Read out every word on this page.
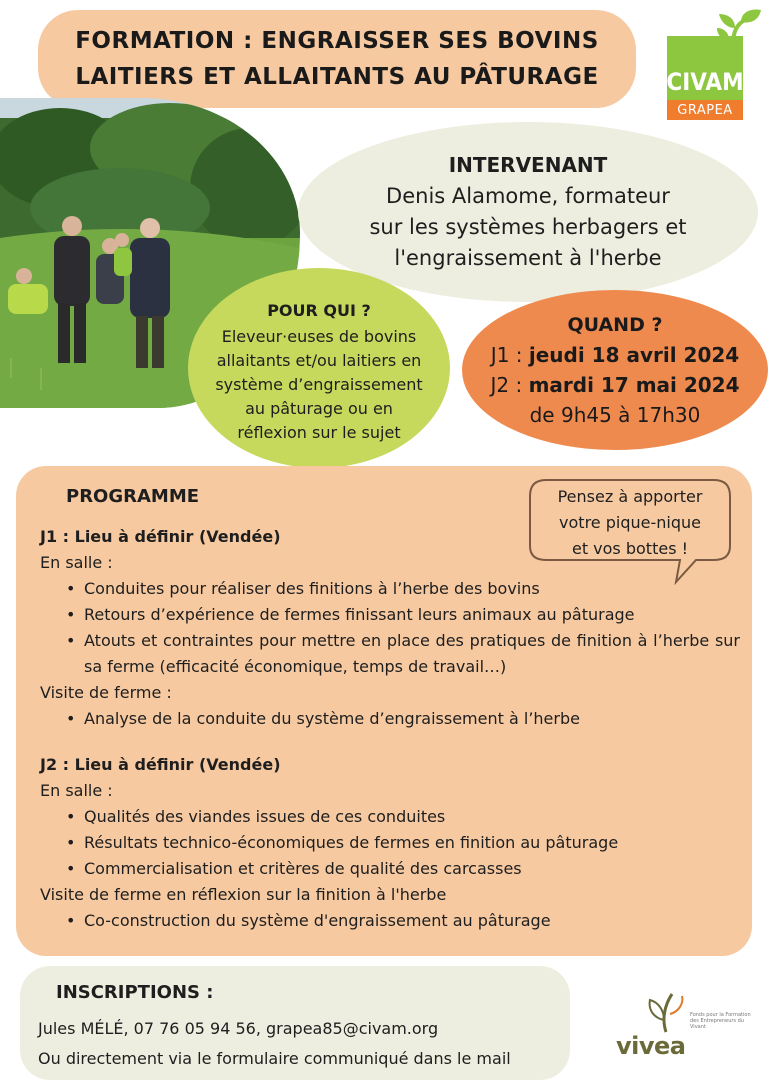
FORMATION : ENGRAISSER SES BOVINS
LAITIERS ET ALLAITANTS AU PÂTURAGE	CIVAM
GRAPEA
INTERVENANT
Denis Alamome, formateur
sur les systèmes herbagers et
l'engraissement à l'herbe
POUR QUI ?
Eleveur·euses de bovins
allaitants et/ou laitiers en
système d’engraissement
au pâturage ou en
réflexion sur le sujet
QUAND ?
J1 : jeudi 18 avril 2024
J2 : mardi 17 mai 2024
de 9h45 à 17h30
PROGRAMME
J1 : Lieu à définir (Vendée)
En salle :
• Conduites pour réaliser des finitions à l’herbe des bovins
• Retours d’expérience de fermes finissant leurs animaux au pâturage
• Atouts et contraintes pour mettre en place des pratiques de finition à l’herbe sur sa ferme (efficacité économique, temps de travail…)
Visite de ferme :
• Analyse de la conduite du système d’engraissement à l’herbe
J2 : Lieu à définir (Vendée)
En salle :
• Qualités des viandes issues de ces conduites
• Résultats technico-économiques de fermes en finition au pâturage
• Commercialisation et critères de qualité des carcasses
Visite de ferme en réflexion sur la finition à l'herbe
• Co-construction du système d'engraissement au pâturage
Pensez à apporter
votre pique-nique
et vos bottes !
INSCRIPTIONS :
Jules MÉLÉ, 07 76 05 94 56, grapea85@civam.org
Ou directement via le formulaire communiqué dans le mail	vivea
Fonds pour la Formation des Entrepreneurs du Vivant
